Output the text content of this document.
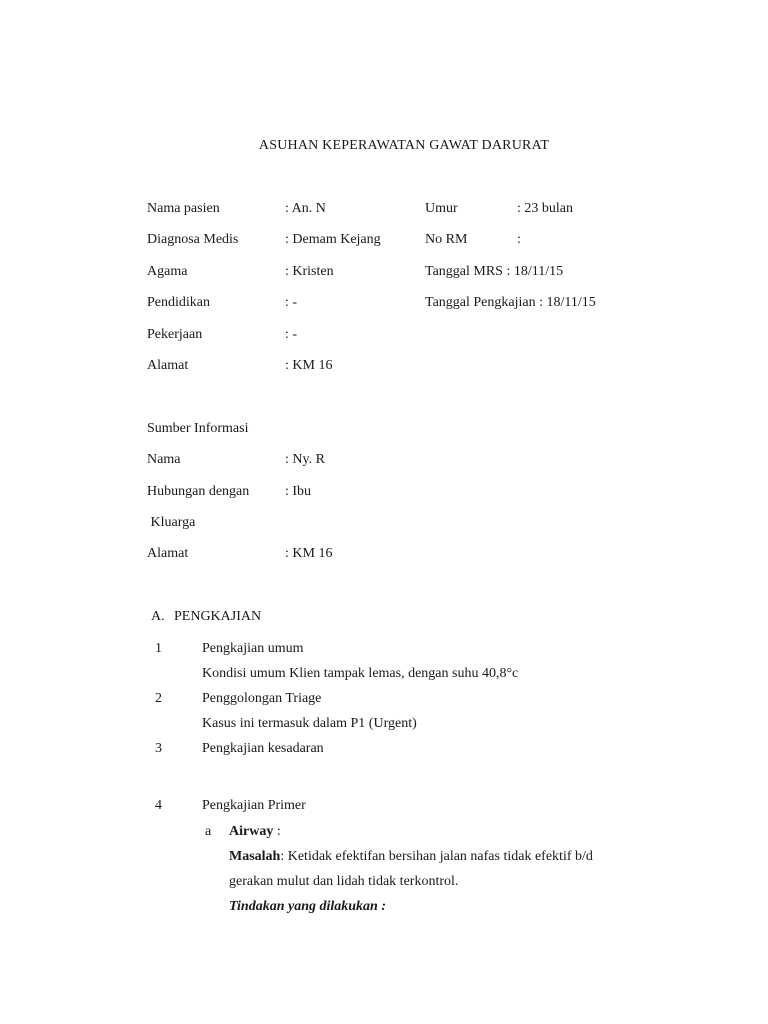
ASUHAN KEPERAWATAN GAWAT DARURAT
Nama pasien	: An. N	Umur	: 23 bulan
Diagnosa Medis	: Demam Kejang	No RM	:
Agama	: Kristen	Tanggal MRS : 18/11/15
Pendidikan	: -	Tanggal Pengkajian : 18/11/15
Pekerjaan	: -
Alamat	: KM 16
Sumber Informasi
Nama	: Ny. R
Hubungan dengan	: Ibu
Kluarga
Alamat	: KM 16
A. PENGKAJIAN
1	Pengkajian umum
Kondisi umum Klien tampak lemas, dengan suhu 40,8°c
2	Penggolongan Triage
Kasus ini termasuk dalam P1 (Urgent)
3	Pengkajian kesadaran
4	Pengkajian Primer
a Airway :
Masalah: Ketidak efektifan bersihan jalan nafas tidak efektif b/d
gerakan mulut dan lidah tidak terkontrol.
Tindakan yang dilakukan :
